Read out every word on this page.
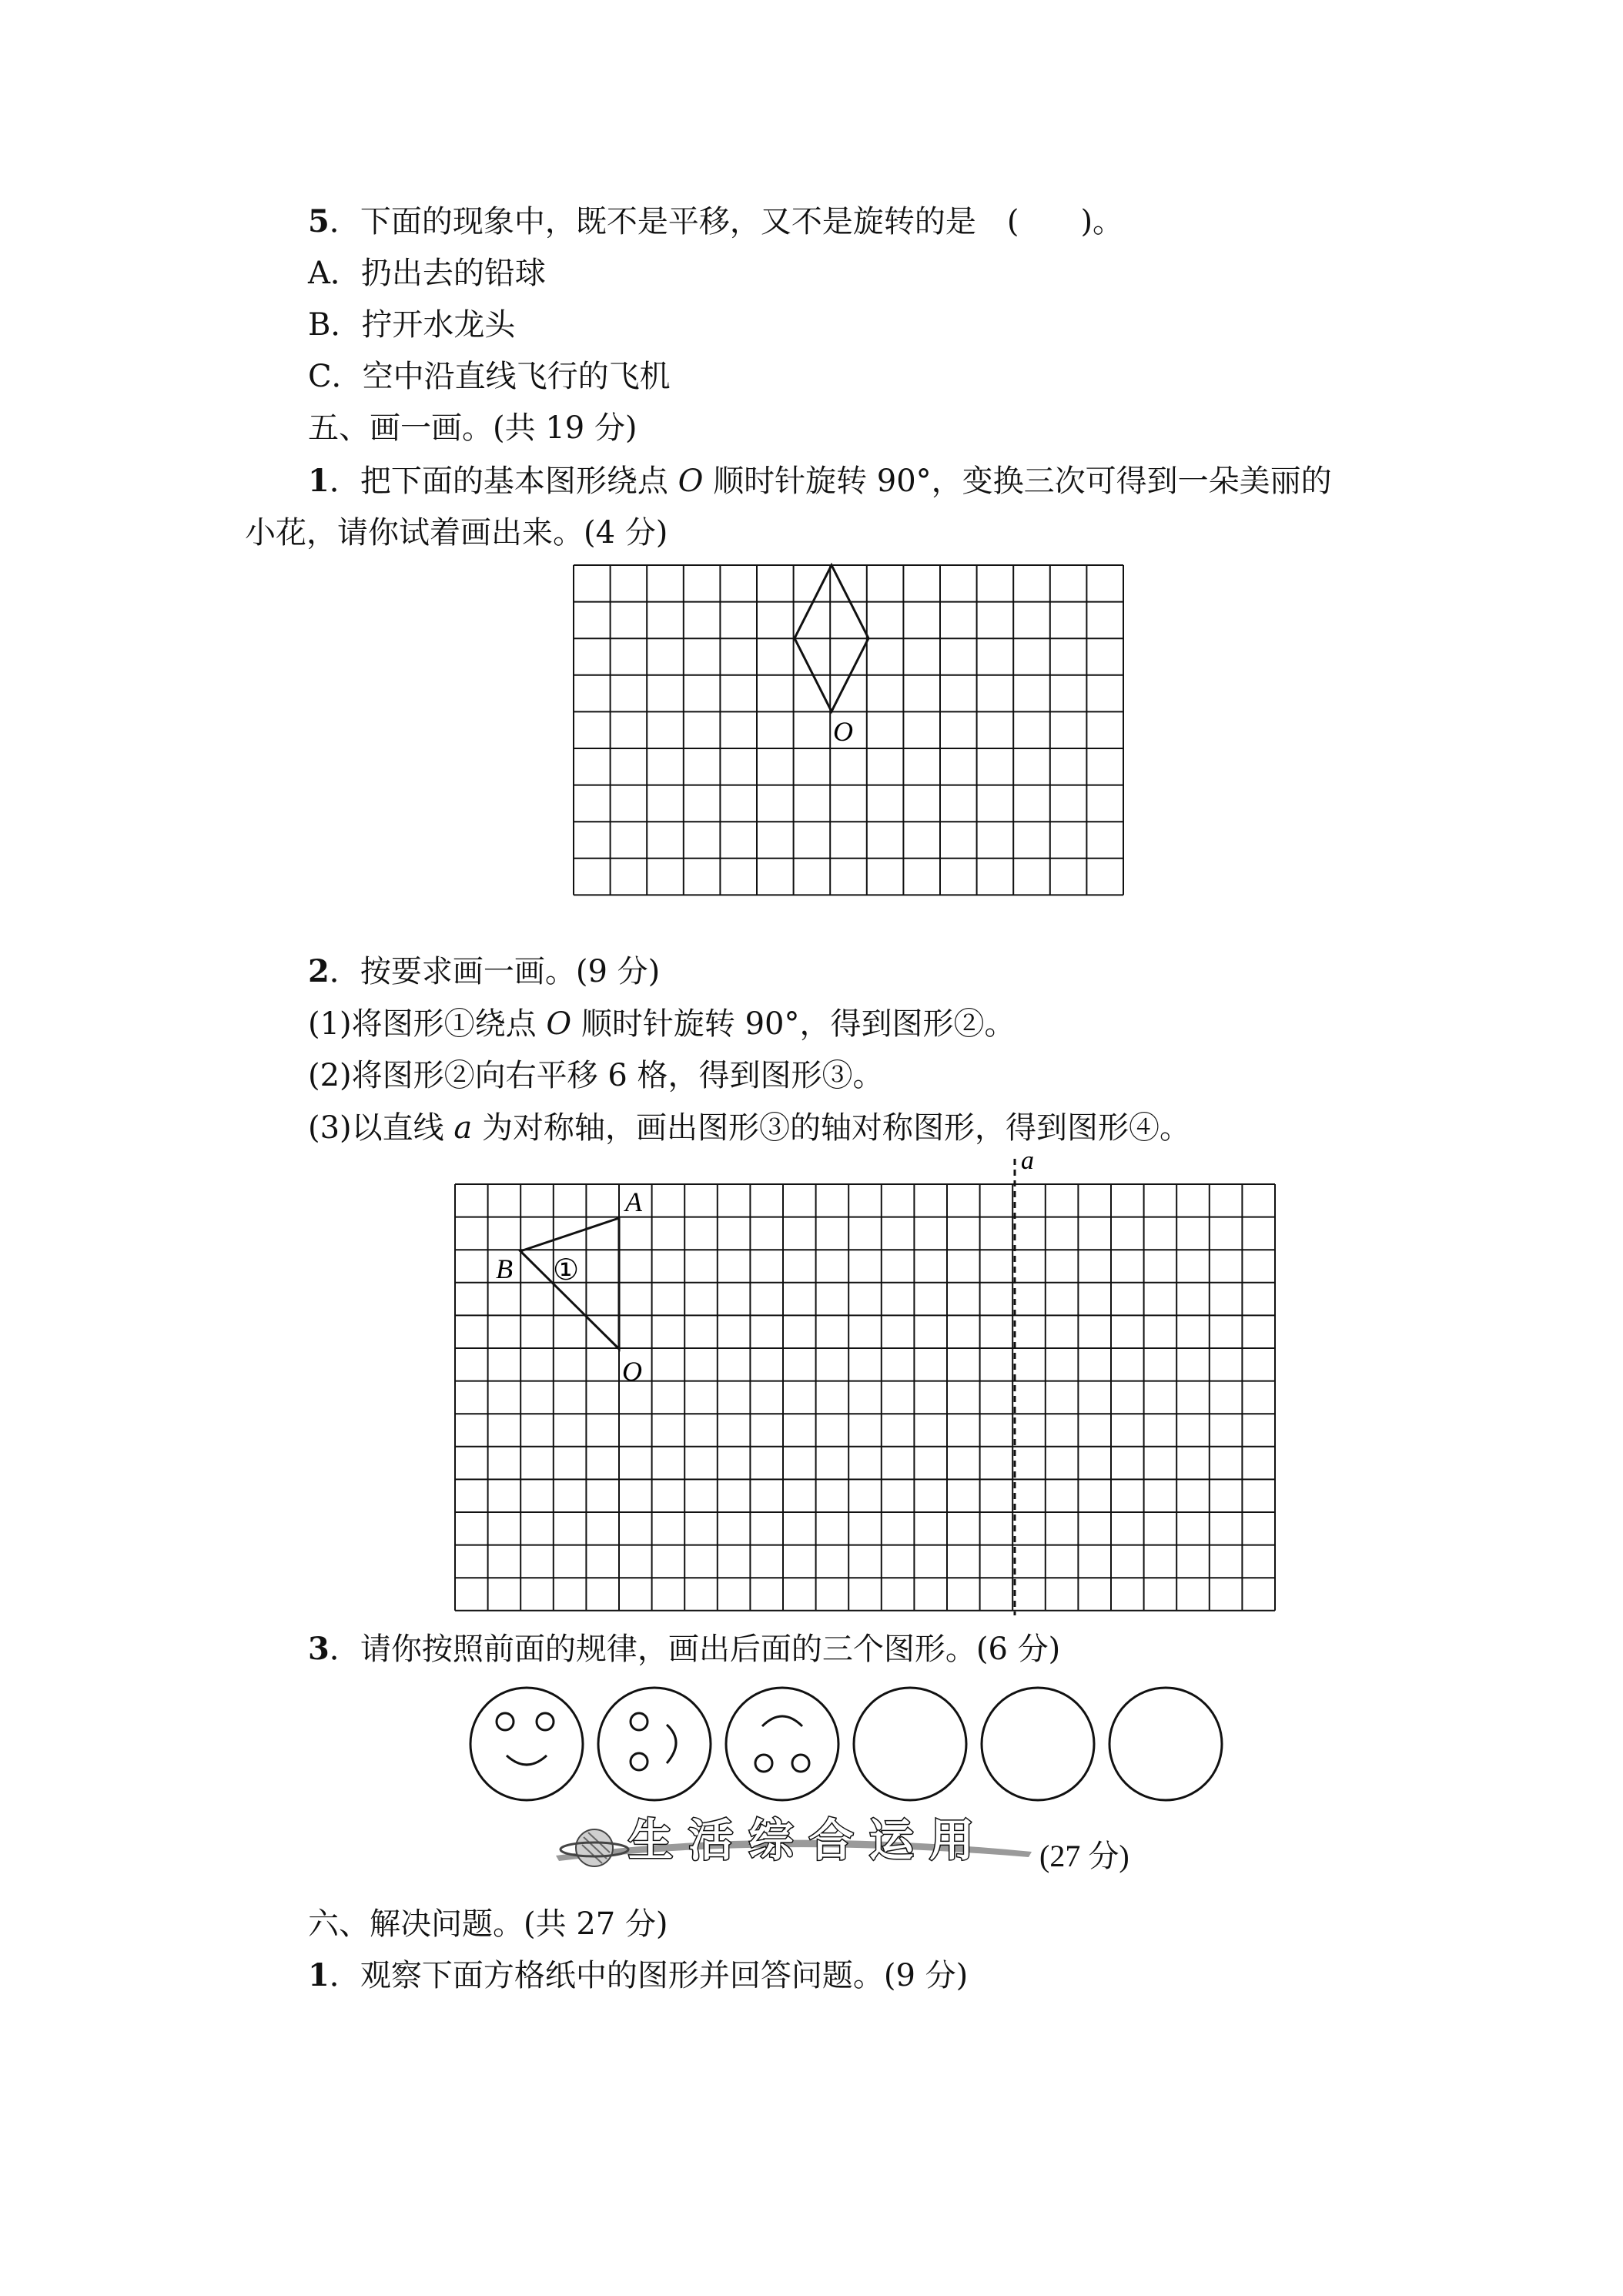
5．下面的现象中，既不是平移，又不是旋转的是　(　　)。
A．扔出去的铅球
B．拧开水龙头
C．空中沿直线飞行的飞机
五、画一画。(共 19 分)
1．把下面的基本图形绕点 O 顺时针旋转 90°，变换三次可得到一朵美丽的
小花，请你试着画出来。(4 分)
O
2．按要求画一画。(9 分)
(1)将图形①绕点 O 顺时针旋转 90°，得到图形②。
(2)将图形②向右平移 6 格，得到图形③。
(3)以直线 a 为对称轴，画出图形③的轴对称图形，得到图形④。
a
A
B
O
①
3．请你按照前面的规律，画出后面的三个图形。(6 分)
生 活 综 合 运 用 (27 分)
六、解决问题。(共 27 分)
1．观察下面方格纸中的图形并回答问题。(9 分)
